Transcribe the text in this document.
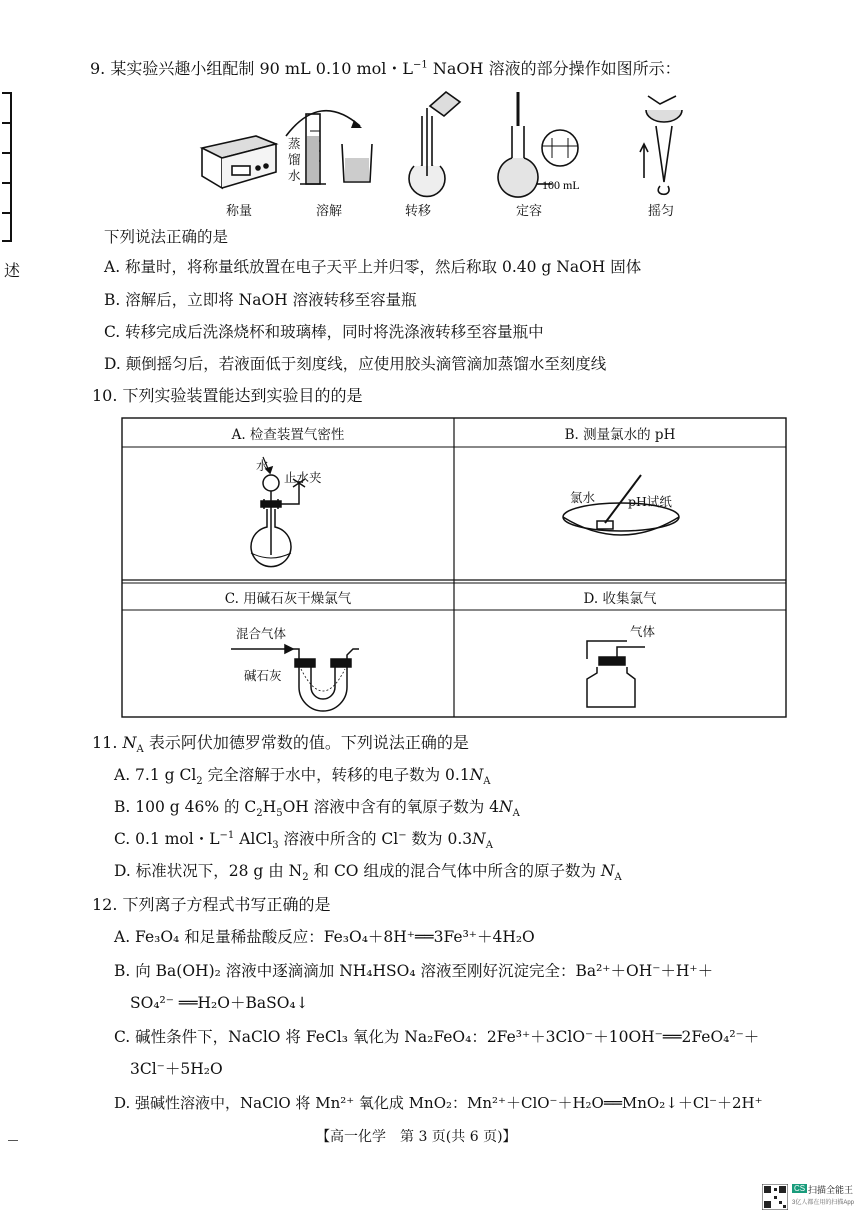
述
9. 某实验兴趣小组配制 90 mL 0.10 mol・$L^{-1}$ NaOH 溶液的部分操作如图所示：
100 mL
蒸馏水
称量	溶解	转移	定容	摇匀
下列说法正确的是
A. 称量时，将称量纸放置在电子天平上并归零，然后称取 0.40 g NaOH 固体
B. 溶解后，立即将 NaOH 溶液转移至容量瓶
C. 转移完成后洗涤烧杯和玻璃棒，同时将洗涤液转移至容量瓶中
D. 颠倒摇匀后，若液面低于刻度线，应使用胶头滴管滴加蒸馏水至刻度线
10. 下列实验装置能达到实验目的的是
A. 检查装置气密性	B. 测量氯水的 pH
C. 用碱石灰干燥氯气	D. 收集氯气
水
止水夹
氯水	pH试纸
混合气体
碱石灰
气体
11. $N_A$ 表示阿伏加德罗常数的值。下列说法正确的是
A. 7.1 g $Cl_2$ 完全溶解于水中，转移的电子数为 $0.1N_A$
B. 100 g 46% 的 $C_2H_5OH$ 溶液中含有的氧原子数为 $4N_A$
C. 0.1 mol・$L^{-1}$ AlCl$_3$ 溶液中所含的 Cl− 数为 $0.3N_A$
D. 标准状况下，28 g 由 $N_2$ 和 CO 组成的混合气体中所含的原子数为 $N_A$
12. 下列离子方程式书写正确的是
A. Fe₃O₄ 和足量稀盐酸反应：Fe₃O₄＋8H⁺══3Fe³⁺＋4H₂O
B. 向 Ba(OH)₂ 溶液中逐滴滴加 NH₄HSO₄ 溶液至刚好沉淀完全：Ba²⁺＋OH⁻＋H⁺＋
SO₄²⁻ ══H₂O＋BaSO₄↓
C. 碱性条件下，NaClO 将 FeCl₃ 氧化为 Na₂FeO₄：2Fe³⁺＋3ClO⁻＋10OH⁻══2FeO₄²⁻＋
3Cl⁻＋5H₂O
D. 强碱性溶液中，NaClO 将 Mn²⁺ 氧化成 MnO₂：Mn²⁺＋ClO⁻＋H₂O══MnO₂↓＋Cl⁻＋2H⁺
【高一化学　第 3 页(共 6 页)】
CS 扫描全能王
3亿人都在用的扫描App
